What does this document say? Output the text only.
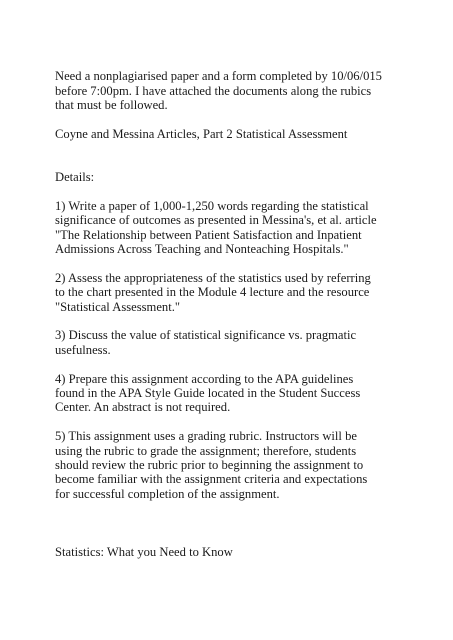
Need a nonplagiarised paper and a form completed by 10/06/015

before 7:00pm. I have attached the documents along the rubics

that must be followed.

Coyne and Messina Articles, Part 2 Statistical Assessment

Details:

1) Write a paper of 1,000-1,250 words regarding the statistical

significance of outcomes as presented in Messina's, et al. article

"The Relationship between Patient Satisfaction and Inpatient

Admissions Across Teaching and Nonteaching Hospitals."

2) Assess the appropriateness of the statistics used by referring

to the chart presented in the Module 4 lecture and the resource

"Statistical Assessment."

3) Discuss the value of statistical significance vs. pragmatic

usefulness.

4) Prepare this assignment according to the APA guidelines

found in the APA Style Guide located in the Student Success

Center. An abstract is not required.

5) This assignment uses a grading rubric. Instructors will be

using the rubric to grade the assignment; therefore, students

should review the rubric prior to beginning the assignment to

become familiar with the assignment criteria and expectations

for successful completion of the assignment.

Statistics: What you Need to Know
